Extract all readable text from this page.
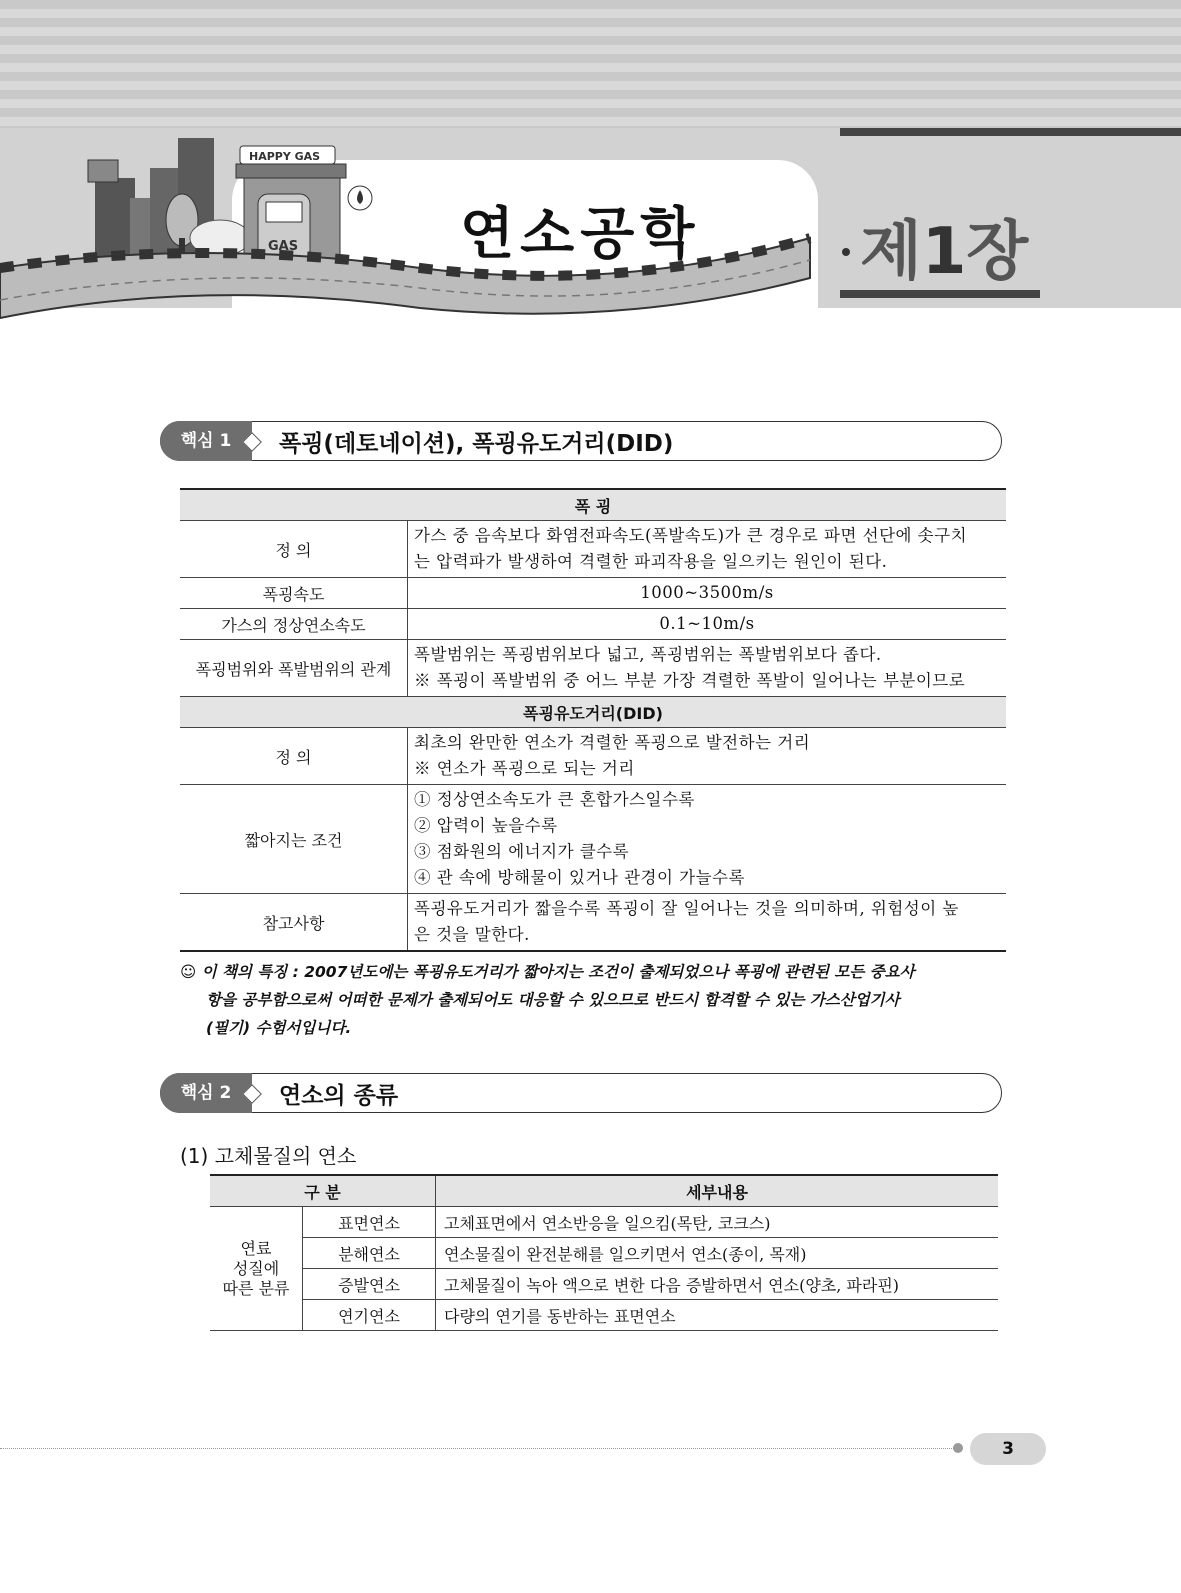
HAPPY GAS
GAS	연소공학 제1장
핵심 1	폭굉(데토네이션), 폭굉유도거리(DID)
폭 굉	
정 의	가스 중 음속보다 화염전파속도(폭발속도)가 큰 경우로 파면 선단에 솟구치
는 압력파가 발생하여 격렬한 파괴작용을 일으키는 원인이 된다.

폭굉속도	1000~3500m/s
가스의 정상연소속도	0.1~10m/s
폭굉범위와 폭발범위의 관계	폭발범위는 폭굉범위보다 넓고, 폭굉범위는 폭발범위보다 좁다.
※ 폭굉이 폭발범위 중 어느 부분 가장 격렬한 폭발이 일어나는 부분이므로

폭굉유도거리(DID)	
정 의	최초의 완만한 연소가 격렬한 폭굉으로 발전하는 거리
※ 연소가 폭굉으로 되는 거리

짧아지는 조건	① 정상연소속도가 큰 혼합가스일수록
② 압력이 높을수록
③ 점화원의 에너지가 클수록
④ 관 속에 방해물이 있거나 관경이 가늘수록

참고사항	폭굉유도거리가 짧을수록 폭굉이 잘 일어나는 것을 의미하며, 위험성이 높
은 것을 말한다.
☺ 이 책의 특징 : 2007년도에는 폭굉유도거리가 짧아지는 조건이 출제되었으나 폭굉에 관련된 모든 중요사
항을 공부함으로써 어떠한 문제가 출제되어도 대응할 수 있으므로 반드시 합격할 수 있는 가스산업기사
(필기) 수험서입니다.
핵심 2	연소의 종류
(1) 고체물질의 연소
구 분		세부내용

연료
성질에
따른 분류	표면연소	고체표면에서 연소반응을 일으킴(목탄, 코크스)
	분해연소	연소물질이 완전분해를 일으키면서 연소(종이, 목재)
	증발연소	고체물질이 녹아 액으로 변한 다음 증발하면서 연소(양초, 파라핀)
	연기연소	다량의 연기를 동반하는 표면연소
3
